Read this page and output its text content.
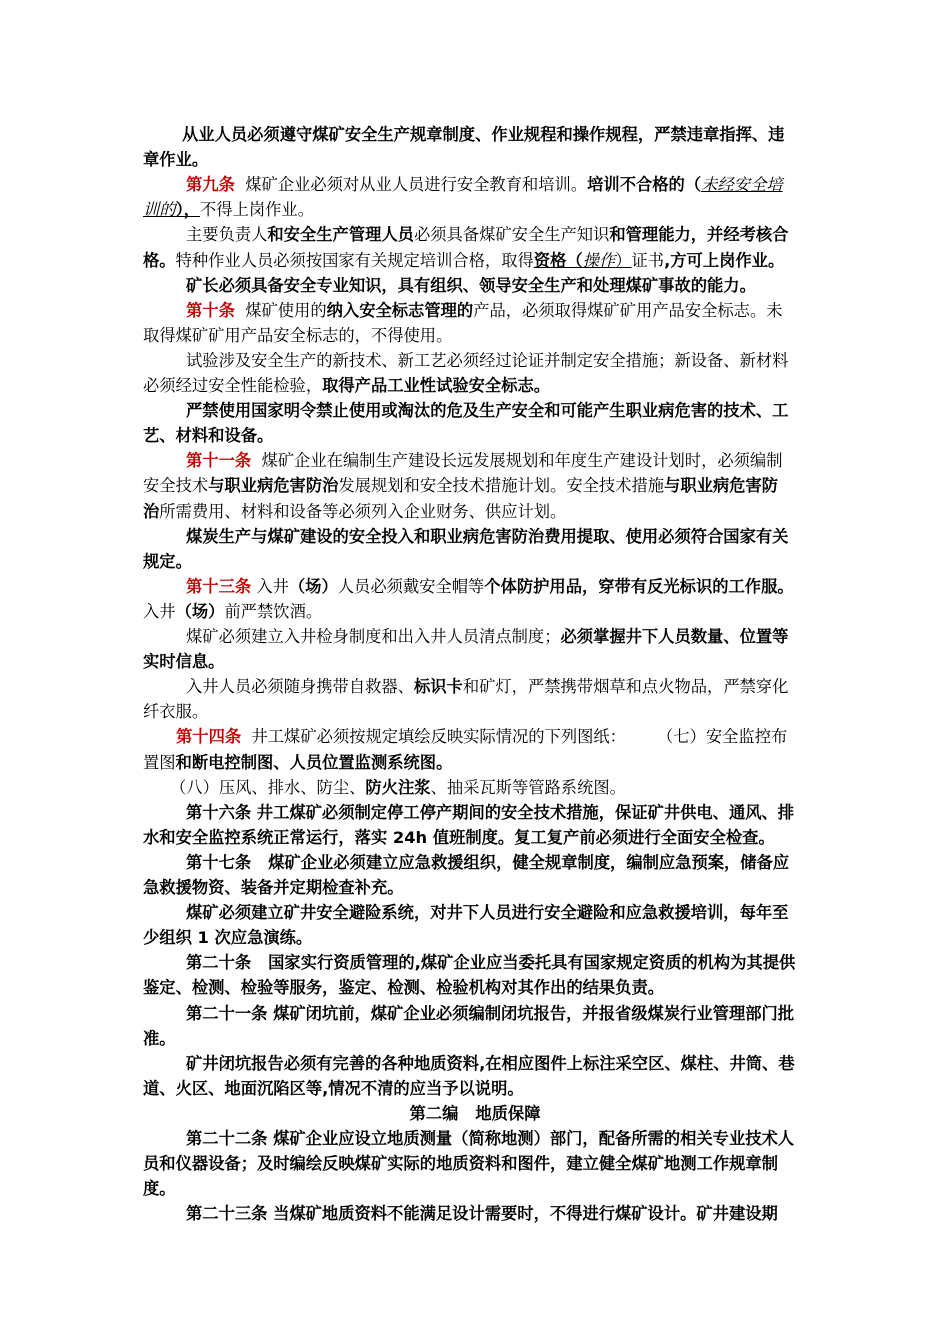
从业人员必须遵守煤矿安全生产规章制度、作业规程和操作规程，严禁违章指挥、违
章作业。
第九条  煤矿企业必须对从业人员进行安全教育和培训。培训不合格的（未经安全培
训的），不得上岗作业。
主要负责人和安全生产管理人员必须具备煤矿安全生产知识和管理能力，并经考核合
格。特种作业人员必须按国家有关规定培训合格，取得资格（操作）证书,方可上岗作业。
矿长必须具备安全专业知识，具有组织、领导安全生产和处理煤矿事故的能力。
第十条  煤矿使用的纳入安全标志管理的产品，必须取得煤矿矿用产品安全标志。未
取得煤矿矿用产品安全标志的，不得使用。
试验涉及安全生产的新技术、新工艺必须经过论证并制定安全措施；新设备、新材料
必须经过安全性能检验，取得产品工业性试验安全标志。
严禁使用国家明令禁止使用或淘汰的危及生产安全和可能产生职业病危害的技术、工
艺、材料和设备。
第十一条  煤矿企业在编制生产建设长远发展规划和年度生产建设计划时，必须编制
安全技术与职业病危害防治发展规划和安全技术措施计划。安全技术措施与职业病危害防
治所需费用、材料和设备等必须列入企业财务、供应计划。
煤炭生产与煤矿建设的安全投入和职业病危害防治费用提取、使用必须符合国家有关
规定。
第十三条 入井（场）人员必须戴安全帽等个体防护用品，穿带有反光标识的工作服。
入井（场）前严禁饮酒。
煤矿必须建立入井检身制度和出入井人员清点制度；必须掌握井下人员数量、位置等
实时信息。
入井人员必须随身携带自救器、标识卡和矿灯，严禁携带烟草和点火物品，严禁穿化
纤衣服。
第十四条  井工煤矿必须按规定填绘反映实际情况的下列图纸：      （七）安全监控布
置图和断电控制图、人员位置监测系统图。
（八）压风、排水、防尘、防火注浆、抽采瓦斯等管路系统图。
第十六条 井工煤矿必须制定停工停产期间的安全技术措施，保证矿井供电、通风、排
水和安全监控系统正常运行，落实 24h 值班制度。复工复产前必须进行全面安全检查。
第十七条   煤矿企业必须建立应急救援组织，健全规章制度，编制应急预案，储备应
急救援物资、装备并定期检查补充。
煤矿必须建立矿井安全避险系统，对井下人员进行安全避险和应急救援培训，每年至
少组织 1 次应急演练。
第二十条   国家实行资质管理的,煤矿企业应当委托具有国家规定资质的机构为其提供
鉴定、检测、检验等服务，鉴定、检测、检验机构对其作出的结果负责。
第二十一条 煤矿闭坑前，煤矿企业必须编制闭坑报告，并报省级煤炭行业管理部门批
准。
矿井闭坑报告必须有完善的各种地质资料,在相应图件上标注采空区、煤柱、井筒、巷
道、火区、地面沉陷区等,情况不清的应当予以说明。
第二编   地质保障
第二十二条 煤矿企业应设立地质测量（简称地测）部门，配备所需的相关专业技术人
员和仪器设备；及时编绘反映煤矿实际的地质资料和图件，建立健全煤矿地测工作规章制
度。
第二十三条 当煤矿地质资料不能满足设计需要时，不得进行煤矿设计。矿井建设期
